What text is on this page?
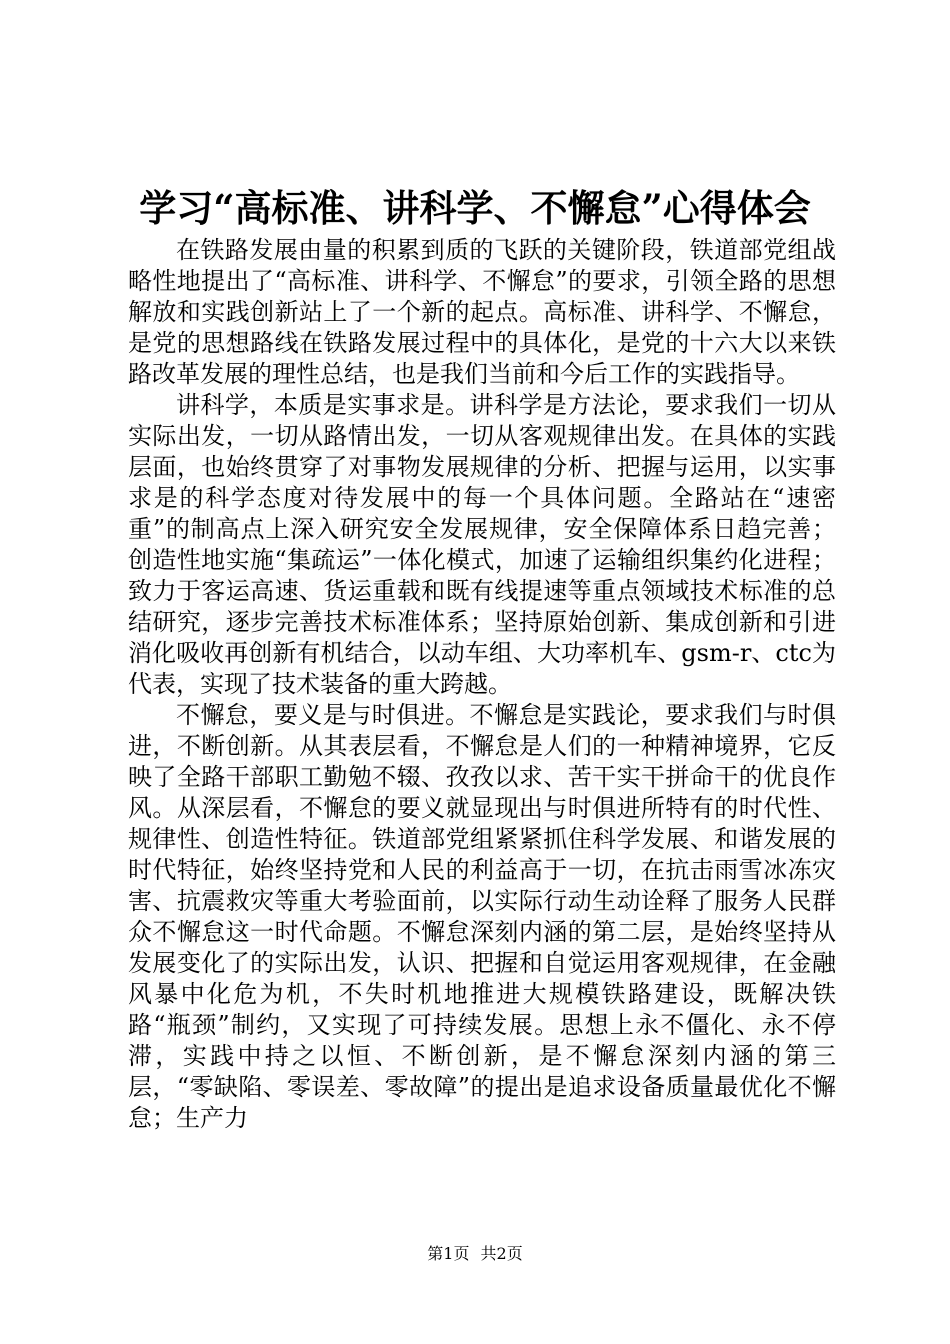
学习“高标准、讲科学、不懈怠”心得体会

在铁路发展由量的积累到质的飞跃的关键阶段，铁道部党组战略性地提出了“高标准、讲科学、不懈怠”的要求，引领全路的思想解放和实践创新站上了一个新的起点。高标准、讲科学、不懈怠，是党的思想路线在铁路发展过程中的具体化，是党的十六大以来铁路改革发展的理性总结，也是我们当前和今后工作的实践指导。

讲科学，本质是实事求是。讲科学是方法论，要求我们一切从实际出发，一切从路情出发，一切从客观规律出发。在具体的实践层面，也始终贯穿了对事物发展规律的分析、把握与运用，以实事求是的科学态度对待发展中的每一个具体问题。全路站在“速密重”的制高点上深入研究安全发展规律，安全保障体系日趋完善；创造性地实施“集疏运”一体化模式，加速了运输组织集约化进程；致力于客运高速、货运重载和既有线提速等重点领域技术标准的总结研究，逐步完善技术标准体系；坚持原始创新、集成创新和引进消化吸收再创新有机结合，以动车组、大功率机车、gsm-r、ctc为代表，实现了技术装备的重大跨越。

不懈怠，要义是与时俱进。不懈怠是实践论，要求我们与时俱进，不断创新。从其表层看，不懈怠是人们的一种精神境界，它反映了全路干部职工勤勉不辍、孜孜以求、苦干实干拼命干的优良作风。从深层看，不懈怠的要义就显现出与时俱进所特有的时代性、规律性、创造性特征。铁道部党组紧紧抓住科学发展、和谐发展的时代特征，始终坚持党和人民的利益高于一切，在抗击雨雪冰冻灾害、抗震救灾等重大考验面前，以实际行动生动诠释了服务人民群众不懈怠这一时代命题。不懈怠深刻内涵的第二层，是始终坚持从发展变化了的实际出发，认识、把握和自觉运用客观规律，在金融风暴中化危为机，不失时机地推进大规模铁路建设，既解决铁路“瓶颈”制约，又实现了可持续发展。思想上永不僵化、永不停滞，实践中持之以恒、不断创新，是不懈怠深刻内涵的第三层，“零缺陷、零误差、零故障”的提出是追求设备质量最优化不懈怠；生产力

第1页 共2页
